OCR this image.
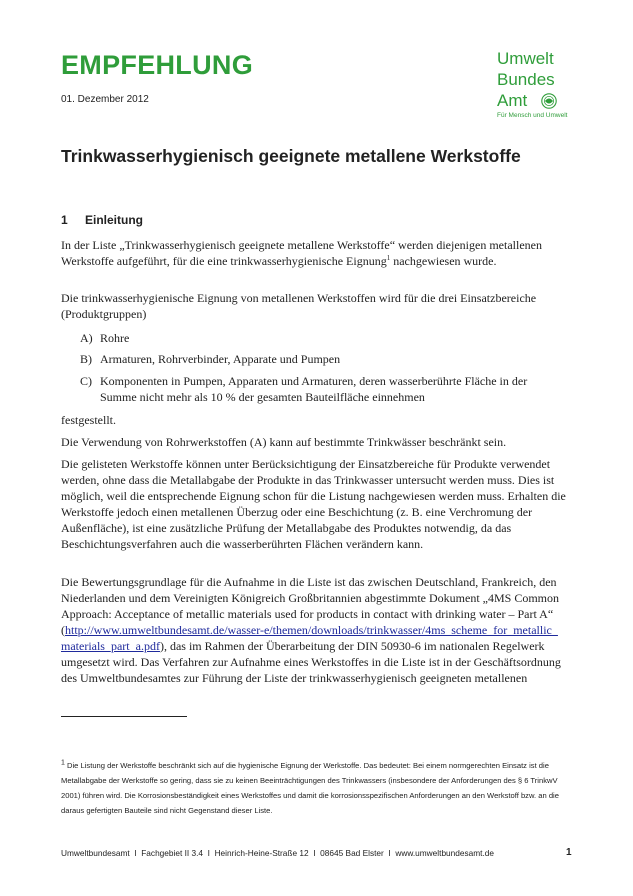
EMPFEHLUNG
01. Dezember 2012
Umwelt
Bundes
Amt
Für Mensch und Umwelt
Trinkwasserhygienisch geeignete metallene Werkstoffe
1 Einleitung

In der Liste „Trinkwasserhygienisch geeignete metallene Werkstoffe“ werden diejenigen metallenen Werkstoffe aufgeführt, für die eine trinkwasserhygienische Eignung$^1$ nachgewiesen wurde.

Die trinkwasserhygienische Eignung von metallenen Werkstoffen wird für die drei Einsatzbereiche (Produktgruppen)
A) Rohre
B) Armaturen, Rohrverbinder, Apparate und Pumpen
C) Komponenten in Pumpen, Apparaten und Armaturen, deren wasserberührte Fläche in der Summe nicht mehr als 10 % der gesamten Bauteilfläche einnehmen
festgestellt.
Die Verwendung von Rohrwerkstoffen (A) kann auf bestimmte Trinkwässer beschränkt sein.
Die gelisteten Werkstoffe können unter Berücksichtigung der Einsatzbereiche für Produkte verwendet werden, ohne dass die Metallabgabe der Produkte in das Trinkwasser untersucht werden muss. Dies ist möglich, weil die entsprechende Eignung schon für die Listung nachgewiesen werden muss. Erhalten die Werkstoffe jedoch einen metallenen Überzug oder eine Beschichtung (z. B. eine Verchromung der Außenfläche), ist eine zusätzliche Prüfung der Metallabgabe des Produktes notwendig, da das Beschichtungsverfahren auch die wasserberührten Flächen verändern kann.

Die Bewertungsgrundlage für die Aufnahme in die Liste ist das zwischen Deutschland, Frankreich, den Niederlanden und dem Vereinigten Königreich Großbritannien abgestimmte Dokument „4MS Common Approach: Acceptance of metallic materials used for products in contact with drinking water – Part A“ (http://www.umweltbundesamt.de/wasser-e/themen/downloads/trinkwasser/4ms_scheme_for_metallic_materials_part_a.pdf), das im Rahmen der Überarbeitung der DIN 50930-6 im nationalen Regelwerk umgesetzt wird. Das Verfahren zur Aufnahme eines Werkstoffes in die Liste ist in der Geschäftsordnung des Umweltbundesamtes zur Führung der Liste der trinkwasserhygienisch geeigneten metallenen

$^1$ Die Listung der Werkstoffe beschränkt sich auf die hygienische Eignung der Werkstoffe. Das bedeutet: Bei einem normgerechten Einsatz ist die Metallabgabe der Werkstoffe so gering, dass sie zu keinen Beeinträchtigungen des Trinkwassers (insbesondere der Anforderungen des § 6 TrinkwV 2001) führen wird. Die Korrosionsbeständigkeit eines Werkstoffes und damit die korrosionsspezifischen Anforderungen an den Werkstoff bzw. an die daraus gefertigten Bauteile sind nicht Gegenstand dieser Liste.
Umweltbundesamt  I  Fachgebiet II 3.4  I  Heinrich-Heine-Straße 12  I  08645 Bad Elster  I  www.umweltbundesamt.de	1
